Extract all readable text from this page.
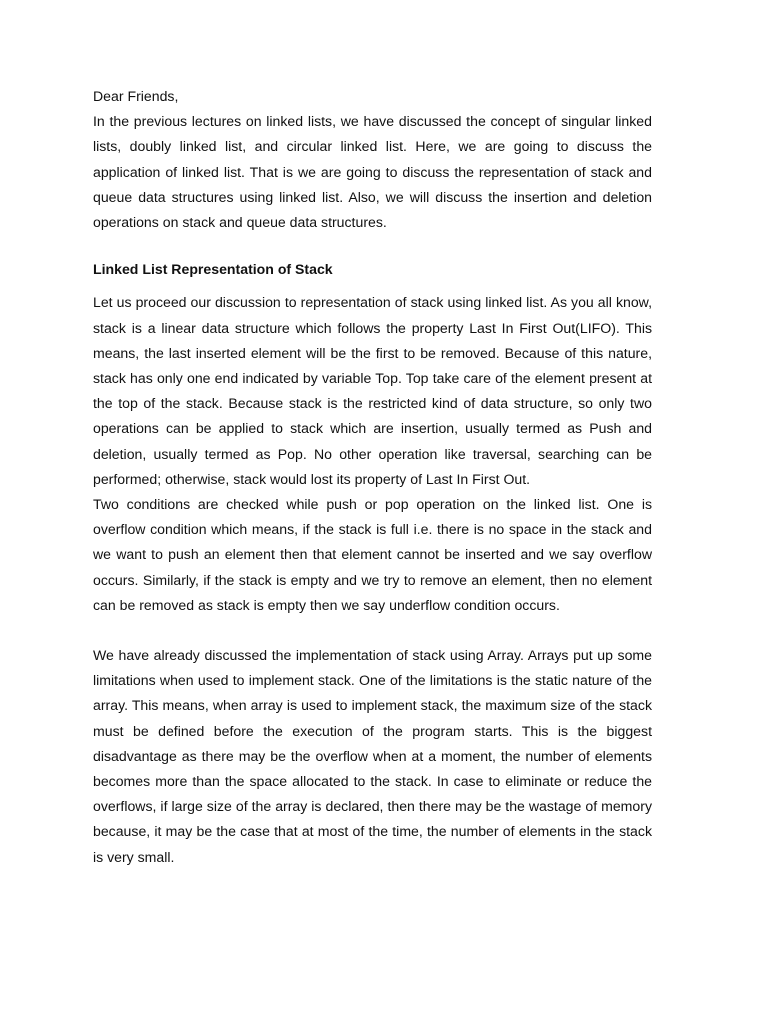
Dear Friends,

In the previous lectures on linked lists, we have discussed the concept of singular linked lists, doubly linked list, and circular linked list. Here, we are going to discuss the application of linked list. That is we are going to discuss the representation of stack and queue data structures using linked list. Also, we will discuss the insertion and deletion operations on stack and queue data structures.

Linked List Representation of Stack

Let us proceed our discussion to representation of stack using linked list. As you all know, stack is a linear data structure which follows the property Last In First Out(LIFO). This means, the last inserted element will be the first to be removed. Because of this nature, stack has only one end indicated by variable Top. Top take care of the element present at the top of the stack. Because stack is the restricted kind of data structure, so only two operations can be applied to stack which are insertion, usually termed as Push and deletion, usually termed as Pop. No other operation like traversal, searching can be performed; otherwise, stack would lost its property of Last In First Out.

Two conditions are checked while push or pop operation on the linked list. One is overflow condition which means, if the stack is full i.e. there is no space in the stack and we want to push an element then that element cannot be inserted and we say overflow occurs. Similarly, if the stack is empty and we try to remove an element, then no element can be removed as stack is empty then we say underflow condition occurs.

We have already discussed the implementation of stack using Array. Arrays put up some limitations when used to implement stack. One of the limitations is the static nature of the array. This means, when array is used to implement stack, the maximum size of the stack must be defined before the execution of the program starts. This is the biggest disadvantage as there may be the overflow when at a moment, the number of elements becomes more than the space allocated to the stack. In case to eliminate or reduce the overflows, if large size of the array is declared, then there may be the wastage of memory because, it may be the case that at most of the time, the number of elements in the stack is very small.
